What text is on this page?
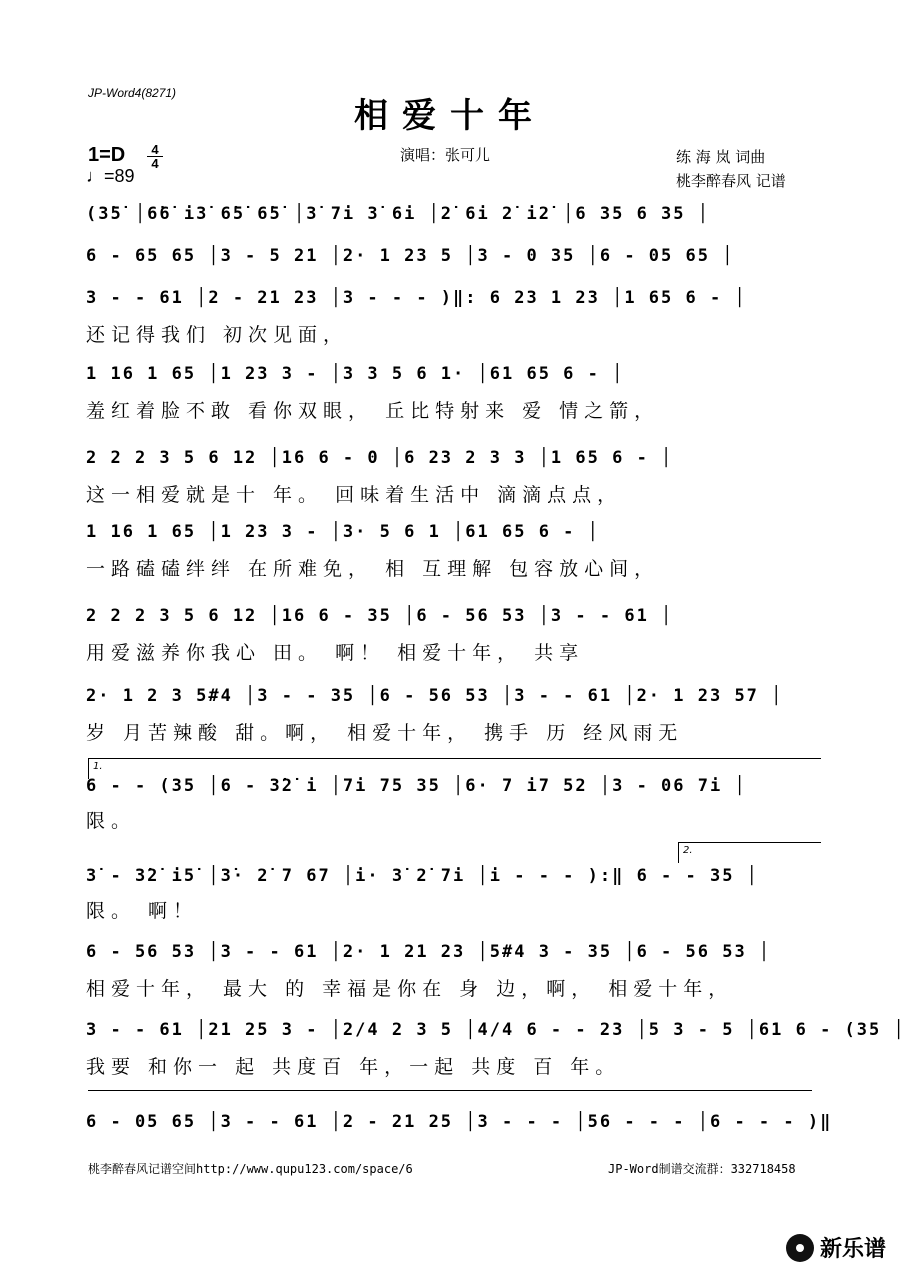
JP-Word4(8271)
相爱十年
1=D	4
4
♩=89
演唱：张可儿	练 海 岚 词曲
桃李醉春风 记谱
(3̇5̇ │6̇6̇ i3̇ 6̇5̇ 6̇5̇ │3̇ 7i 3̇ 6i │2̇ 6i 2̇ i2̇ │6 35 6 35 │
6 - 65 65 │3 - 5 21 │2· 1 23 5 │3 - 0 35 │6 - 05 65 │
3 - - 61 │2 - 21 23 │3 - - - )‖: 6 23 1 23 │1 65 6 - │
还记得我们 初次见面，
1 16 1 65 │1 23 3 - │3 3 5 6 1· │61 65 6 - │
羞红着脸不敢 看你双眼， 丘比特射来 爱 情之箭，
2 2 2 3 5 6 12 │16 6 - 0 │6 23 2 3 3 │1 65 6 - │
这一相爱就是十 年。 回味着生活中 滴滴点点，
1 16 1 65 │1 23 3 - │3· 5 6 1 │61 65 6 - │
一路磕磕绊绊 在所难免， 相 互理解 包容放心间，
2 2 2 3 5 6 12 │16 6 - 35 │6 - 56 53 │3 - - 61 │
用爱滋养你我心 田。 啊！ 相爱十年， 共享
2· 1 2 3 5#4 │3 - - 35 │6 - 56 53 │3 - - 61 │2· 1 23 57 │
岁 月苦辣酸 甜。啊， 相爱十年， 携手 历 经风雨无
1.
6 - - (35 │6 - 3̇2̇ i │7i 75 35 │6· 7 i7 52 │3 - 06 7i │
限。
2.
3̇ - 3̇2̇ i5̇ │3̇· 2̇ 7 67 │i· 3̇ 2̇ 7i │i - - - ):‖ 6 - - 35 │
限。 啊！
6 - 56 53 │3 - - 61 │2· 1 21 23 │5#4 3 - 35 │6 - 56 53 │
相爱十年， 最大 的 幸福是你在 身 边，啊， 相爱十年，
3 - - 61 │21 25 3 - │2/4 2 3 5 │4/4 6 - - 23 │5 3 - 5 │61 6 - (35 │
我要 和你一 起 共度百 年，一起 共度 百 年。
6 - 05 65 │3 - - 61 │2 - 21 25 │3 - - - │56 - - - │6 - - - )‖
桃李醉春风记谱空间http://www.qupu123.com/space/6	JP-Word制谱交流群：332718458
新乐谱
